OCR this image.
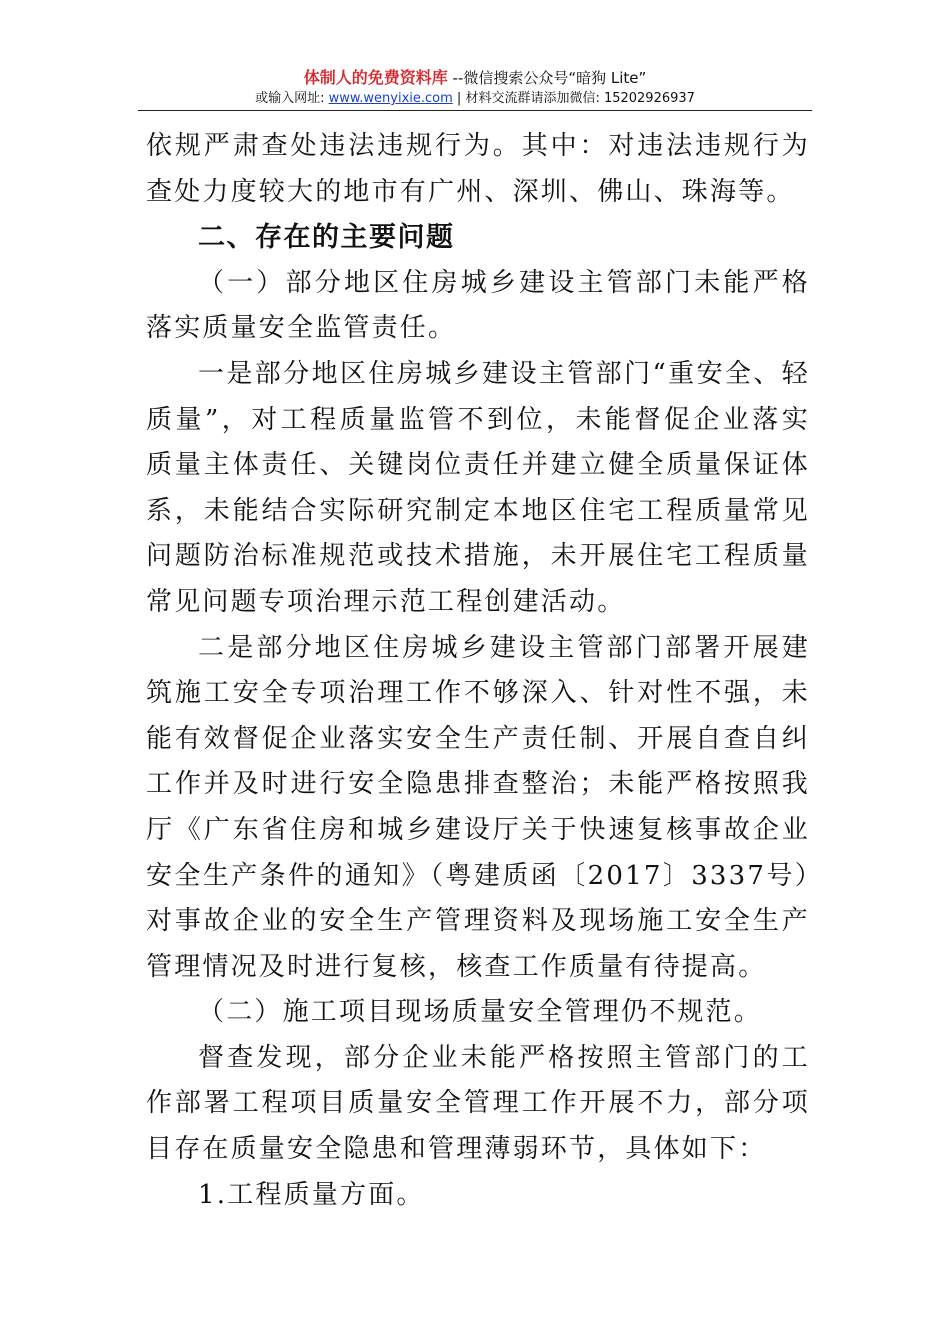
体制人的免费资料库 --微信搜索公众号“暗狗 Lite”
或输入网址: www.wenyixie.com | 材料交流群请添加微信: 15202926937

依规严肃查处违法违规行为。其中：对违法违规行为查处力度较大的地市有广州、深圳、佛山、珠海等。

二、存在的主要问题

（一）部分地区住房城乡建设主管部门未能严格落实质量安全监管责任。

一是部分地区住房城乡建设主管部门“重安全、轻质量”，对工程质量监管不到位，未能督促企业落实质量主体责任、关键岗位责任并建立健全质量保证体系，未能结合实际研究制定本地区住宅工程质量常见问题防治标准规范或技术措施，未开展住宅工程质量常见问题专项治理示范工程创建活动。

二是部分地区住房城乡建设主管部门部署开展建筑施工安全专项治理工作不够深入、针对性不强，未能有效督促企业落实安全生产责任制、开展自查自纠工作并及时进行安全隐患排查整治；未能严格按照我厅《广东省住房和城乡建设厅关于快速复核事故企业安全生产条件的通知》（粤建质函〔2017〕3337号）对事故企业的安全生产管理资料及现场施工安全生产管理情况及时进行复核，核查工作质量有待提高。

（二）施工项目现场质量安全管理仍不规范。

督查发现，部分企业未能严格按照主管部门的工作部署工程项目质量安全管理工作开展不力，部分项目存在质量安全隐患和管理薄弱环节，具体如下：

1.工程质量方面。
